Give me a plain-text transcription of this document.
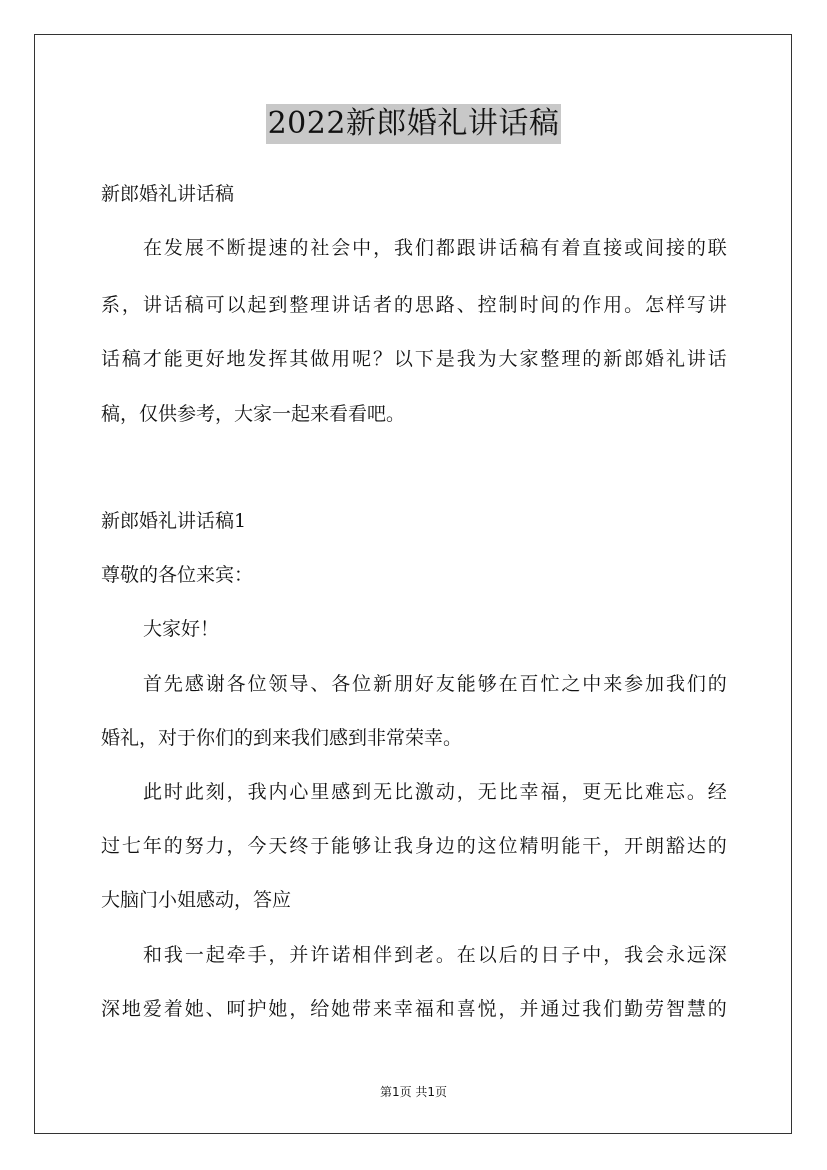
2022新郎婚礼讲话稿
新郎婚礼讲话稿
在发展不断提速的社会中，我们都跟讲话稿有着直接或间接的联
系，讲话稿可以起到整理讲话者的思路、控制时间的作用。怎样写讲
话稿才能更好地发挥其做用呢？以下是我为大家整理的新郎婚礼讲话
稿，仅供参考，大家一起来看看吧。
新郎婚礼讲话稿1
尊敬的各位来宾：
大家好！
首先感谢各位领导、各位新朋好友能够在百忙之中来参加我们的
婚礼，对于你们的到来我们感到非常荣幸。
此时此刻，我内心里感到无比激动，无比幸福，更无比难忘。经
过七年的努力，今天终于能够让我身边的这位精明能干，开朗豁达的
大脑门小姐感动，答应
和我一起牵手，并许诺相伴到老。在以后的日子中，我会永远深
深地爱着她、呵护她，给她带来幸福和喜悦，并通过我们勤劳智慧的
第1页 共1页
